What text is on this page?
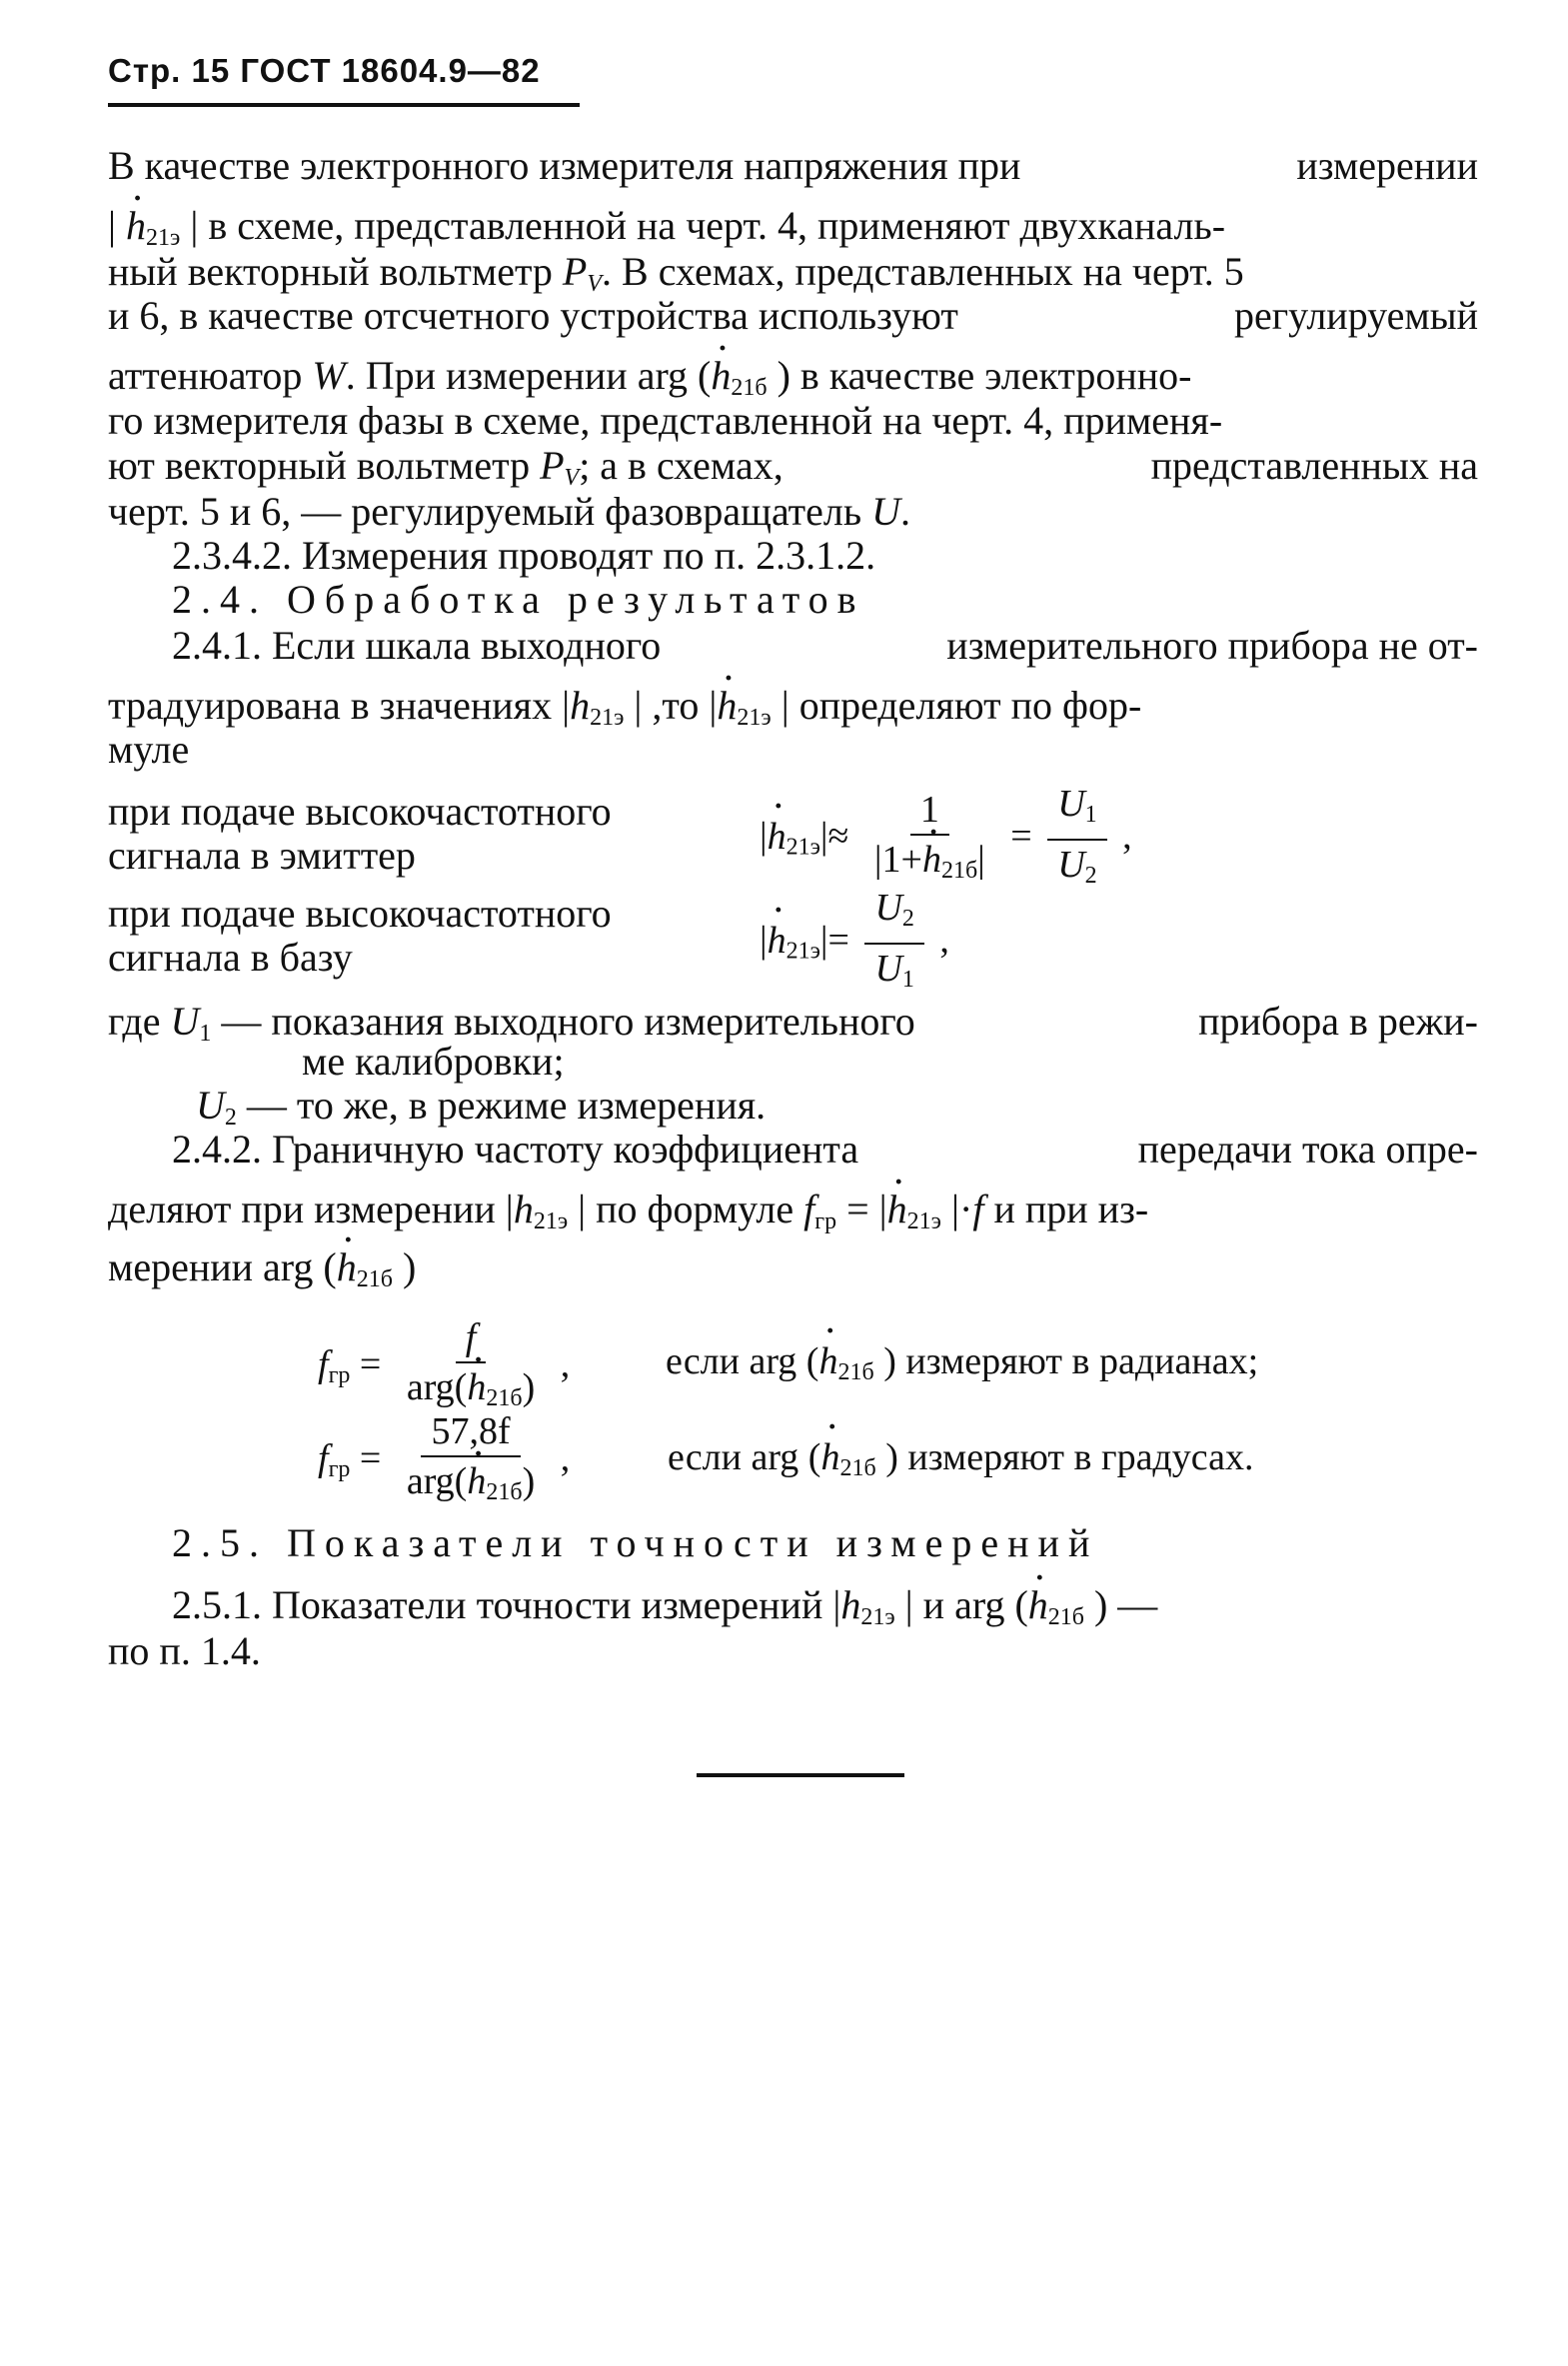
Стр. 15 ГОСТ 18604.9—82
В качестве электронного измерителя напряжения при	измерении
| · $h_{21э}$ | в схеме, представленной на черт. 4, применяют двухканаль-
ный векторный вольтметр $P_V$. В схемах, представленных на черт. 5
и 6, в качестве отсчетного устройства используют	регулируемый
аттенюатор W. При измерении arg (· $h_{21б}$ ) в качестве электронно-
го измерителя фазы в схеме, представленной на черт. 4, применя-
ют векторный вольтметр $P_V$; а в схемах,	представленных на
черт. 5 и 6, — регулируемый фазовращатель U.
2.3.4.2. Измерения проводят по п. 2.3.1.2.
2.4. Обработка результатов
2.4.1. Если шкала выходного	измерительного прибора не от-
традуирована в значениях $|h_{21э}$ | ,то |· $h_{21э}$ | определяют по фор-
муле
при подаче высокочастотного
сигнала в эмиттер	|· $h_{21э}|\approx \frac{1}{|1+\cdot h_{21б}|} = \frac{U_1}{U_2}$ ,
при подаче высокочастотного
сигнала в базу	|· $h_{21э}|= \frac{U_2}{U_1}$ ,
где $U_1$ — показания выходного измерительного	прибора в режи-
ме калибровки;
$U_2$ — то же, в режиме измерения.
2.4.2. Граничную частоту коэффициента	передачи тока опре-
деляют при измерении $|h_{21э}$ | по формуле $f_{гр}$ = |· $h_{21э}$ |·f и при из-
мерении arg (· $h_{21б}$ )
$f_{гр} = \frac{f}{arg(\cdot h_{21б})}$ ,	если arg (· $h_{21б}$ ) измеряют в радианах;
$f_{гр} = \frac{57,8f}{arg(\cdot h_{21б})}$ ,	если arg (· $h_{21б}$ ) измеряют в градусах.
2.5. Показатели точности измерений
2.5.1. Показатели точности измерений $|h_{21э}$ | и arg (· $h_{21б}$ ) —
по п. 1.4.
